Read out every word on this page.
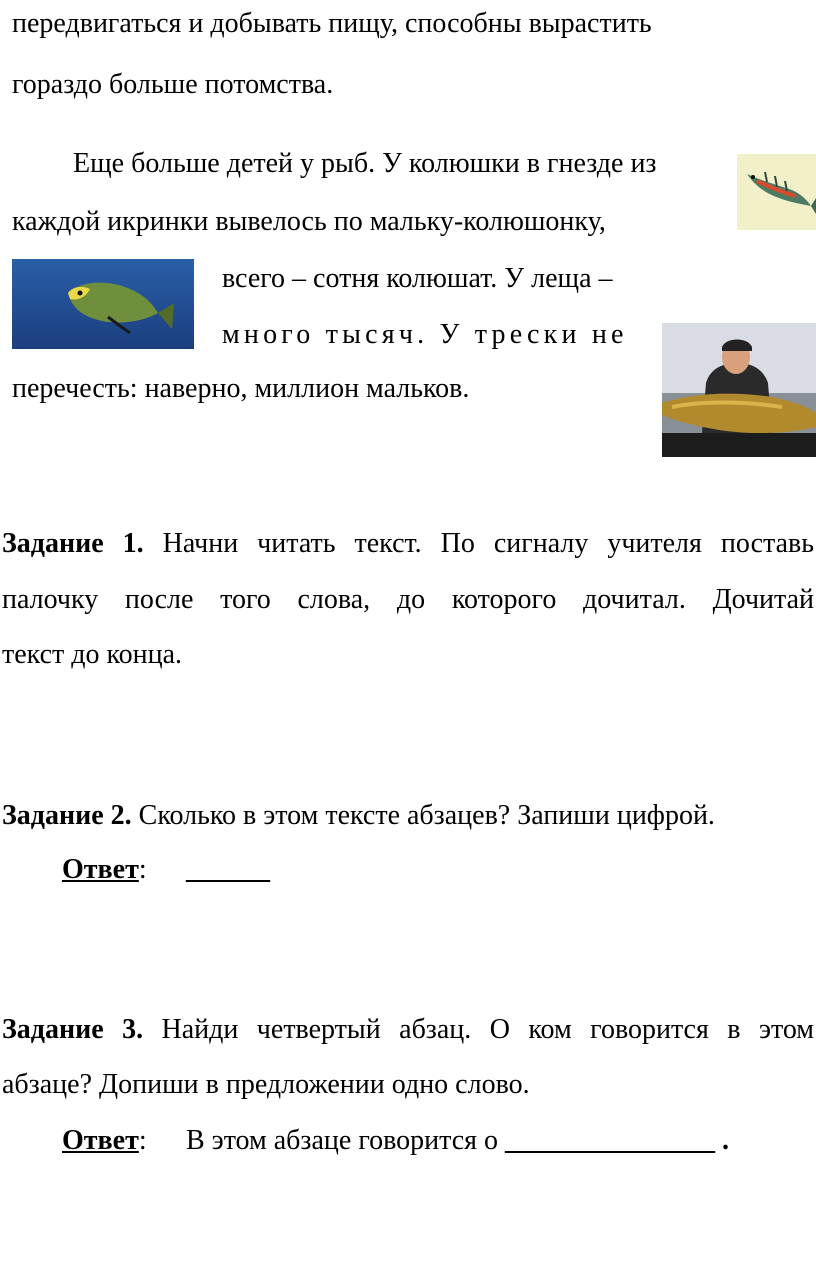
передвигаться и добывать пищу, способны вырастить
гораздо больше потомства.
Еще больше детей у рыб. У колюшки в гнезде из
каждой икринки вывелось по мальку-колюшонку,
всего – сотня колюшат. У леща –
много тысяч. У трески не
перечесть: наверно, миллион мальков.
Задание 1. Начни читать текст. По сигналу учителя поставь
палочку после того слова, до которого дочитал. Дочитай
текст до конца.
Задание 2. Сколько в этом тексте абзацев? Запиши цифрой.
Ответ: ______
Задание 3. Найди четвертый абзац. О ком говорится в этом
абзаце? Допиши в предложении одно слово.
Ответ: В этом абзаце говорится о _______________ .
